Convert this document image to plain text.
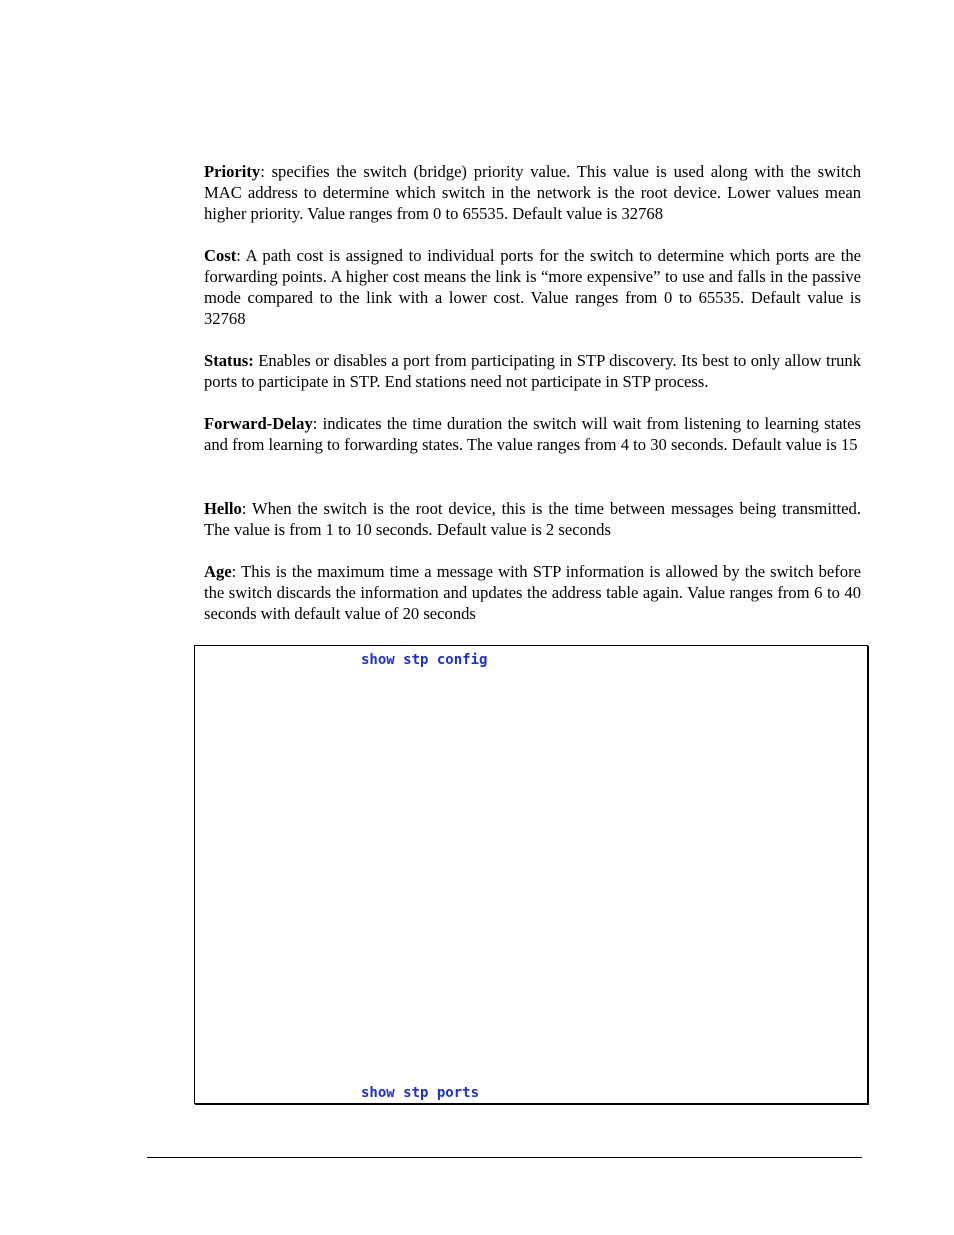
Priority: specifies the switch (bridge) priority value. This value is used along with the switch MAC address to determine which switch in the network is the root device. Lower values mean higher priority. Value ranges from 0 to 65535. Default value is 32768

Cost: A path cost is assigned to individual ports for the switch to determine which ports are the forwarding points. A higher cost means the link is “more expensive” to use and falls in the passive mode compared to the link with a lower cost. Value ranges from 0 to 65535. Default value is 32768

Status: Enables or disables a port from participating in STP discovery. Its best to only allow trunk ports to participate in STP. End stations need not participate in STP process.

Forward-Delay: indicates the time duration the switch will wait from listening to learning states and from learning to forwarding states. The value ranges from 4 to 30 seconds. Default value is 15

Hello: When the switch is the root device, this is the time between messages being transmitted. The value is from 1 to 10 seconds. Default value is 2 seconds

Age: This is the maximum time a message with STP information is allowed by the switch before the switch discards the information and updates the address table again. Value ranges from 6 to 40 seconds with default value of 20 seconds

show stp config
show stp ports
